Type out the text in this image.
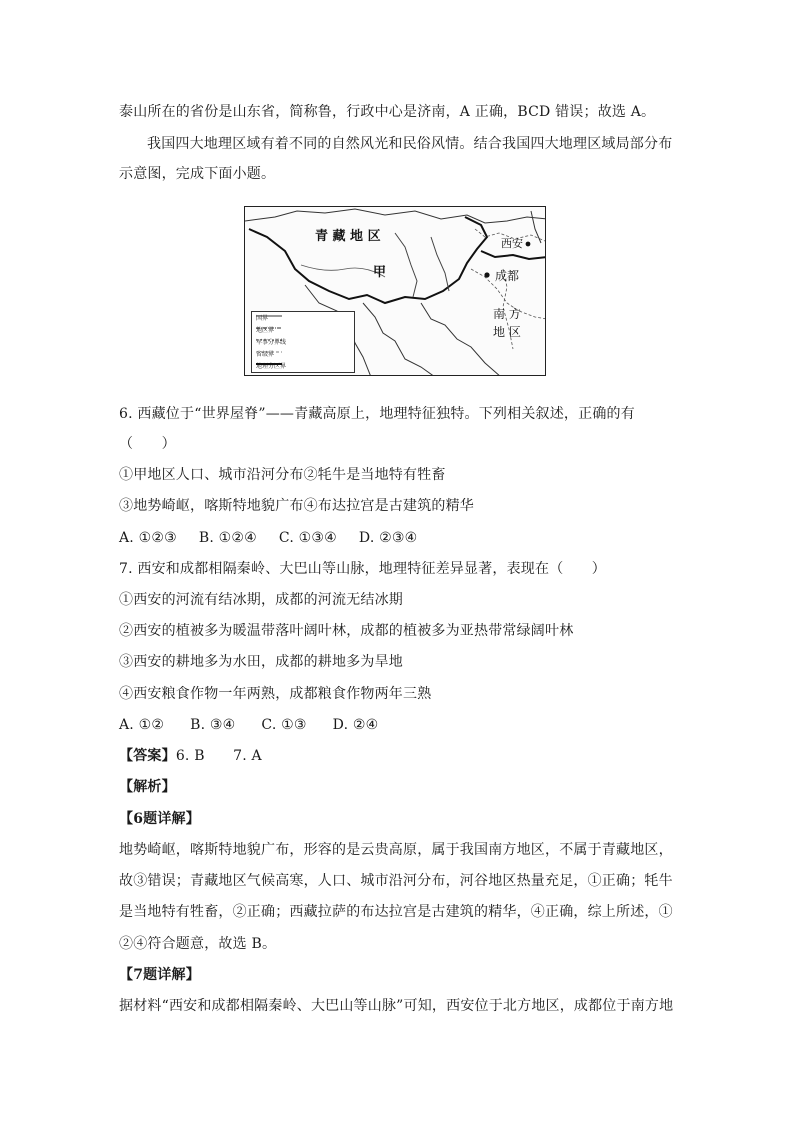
泰山所在的省份是山东省，简称鲁，行政中心是济南，A 正确，BCD 错误；故选 A。
我国四大地理区域有着不同的自然风光和民俗风情。结合我国四大地理区域局部分布
示意图，完成下面小题。
青 藏 地 区	西安
甲	成都
南 方
地 区
国界
地区界
军事分界线
省级界
地理分区界
6. 西藏位于“世界屋脊”——青藏高原上，地理特征独特。下列相关叙述，正确的有
（　　）
①甲地区人口、城市沿河分布②牦牛是当地特有牲畜
③地势崎岖，喀斯特地貌广布④布达拉宫是古建筑的精华
A. ①②③ B. ①②④ C. ①③④ D. ②③④
7. 西安和成都相隔秦岭、大巴山等山脉，地理特征差异显著，表现在（　　）
①西安的河流有结冰期，成都的河流无结冰期
②西安的植被多为暖温带落叶阔叶林，成都的植被多为亚热带常绿阔叶林
③西安的耕地多为水田，成都的耕地多为旱地
④西安粮食作物一年两熟，成都粮食作物两年三熟
A. ①② B. ③④ C. ①③ D. ②④
【答案】6. B　　7. A
【解析】
【6题详解】
地势崎岖，喀斯特地貌广布，形容的是云贵高原，属于我国南方地区，不属于青藏地区，
故③错误；青藏地区气候高寒，人口、城市沿河分布，河谷地区热量充足，①正确；牦牛
是当地特有牲畜，②正确；西藏拉萨的布达拉宫是古建筑的精华，④正确，综上所述，①
②④符合题意，故选 B。
【7题详解】
据材料“西安和成都相隔秦岭、大巴山等山脉”可知，西安位于北方地区，成都位于南方地
